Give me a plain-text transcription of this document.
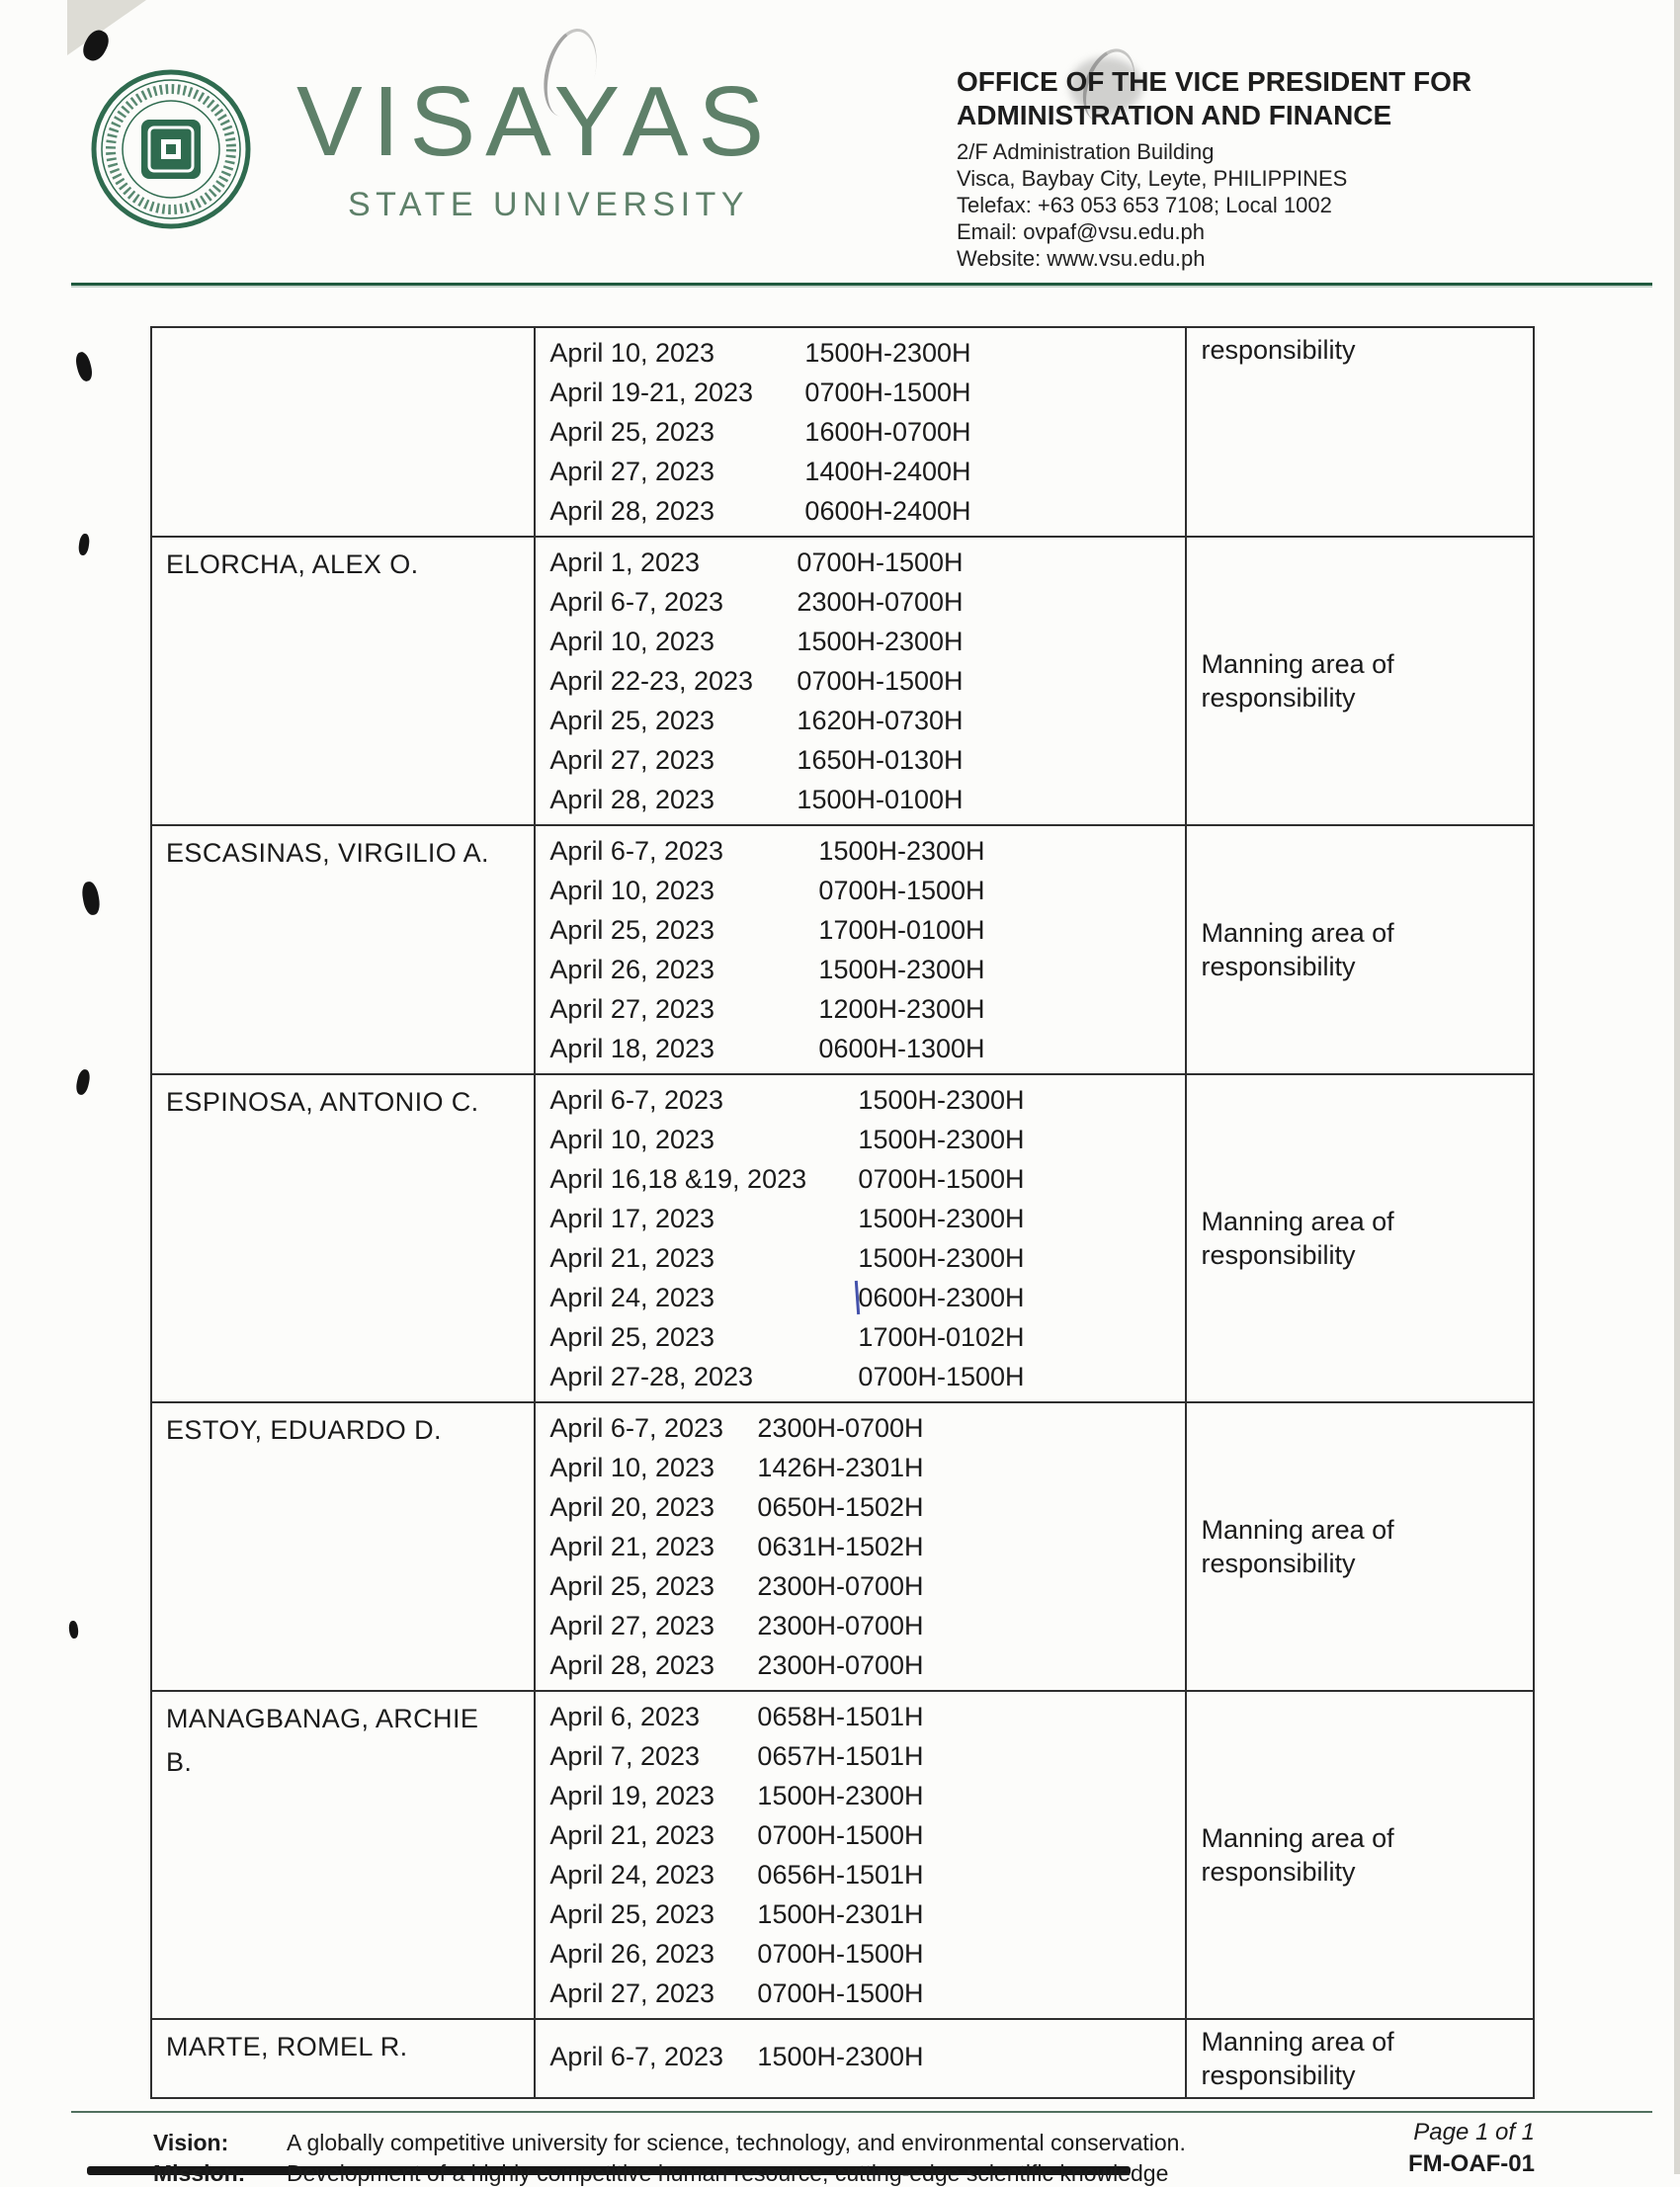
VISAYAS
STATE UNIVERSITY
OFFICE OF THE VICE PRESIDENT FOR
ADMINISTRATION AND FINANCE
2/F Administration Building
Visca, Baybay City, Leyte, PHILIPPINES
Telefax: +63 053 653 7108; Local 1002
Email: ovpaf@vsu.edu.ph
Website: www.vsu.edu.ph
April 10, 2023	1500H-2300H
April 19-21, 2023	0700H-1500H
April 25, 2023	1600H-0700H
April 27, 2023	1400H-2400H
April 28, 2023	0600H-2400H
responsibility
ELORCHA, ALEX O.	April 1, 2023	0700H-1500H
April 6-7, 2023	2300H-0700H
April 10, 2023	1500H-2300H
April 22-23, 2023	0700H-1500H
April 25, 2023	1620H-0730H
April 27, 2023	1650H-0130H
April 28, 2023	1500H-0100H
Manning area of responsibility
ESCASINAS, VIRGILIO A.	April 6-7, 2023	1500H-2300H
April 10, 2023	0700H-1500H
April 25, 2023	1700H-0100H
April 26, 2023	1500H-2300H
April 27, 2023	1200H-2300H
April 18, 2023	0600H-1300H
Manning area of responsibility
ESPINOSA, ANTONIO C.	April 6-7, 2023	1500H-2300H
April 10, 2023	1500H-2300H
April 16,18 &19, 2023	0700H-1500H
April 17, 2023	1500H-2300H
April 21, 2023	1500H-2300H
April 24, 2023	0600H-2300H
April 25, 2023	1700H-0102H
April 27-28, 2023	0700H-1500H
Manning area of responsibility
ESTOY, EDUARDO D.	April 6-7, 2023	2300H-0700H
April 10, 2023	1426H-2301H
April 20, 2023	0650H-1502H
April 21, 2023	0631H-1502H
April 25, 2023	2300H-0700H
April 27, 2023	2300H-0700H
April 28, 2023	2300H-0700H
Manning area of responsibility
MANAGBANAG, ARCHIE B.
April 6, 2023	0658H-1501H
April 7, 2023	0657H-1501H
April 19, 2023	1500H-2300H
April 21, 2023	0700H-1500H
April 24, 2023	0656H-1501H
April 25, 2023	1500H-2301H
April 26, 2023	0700H-1500H
April 27, 2023	0700H-1500H
Manning area of responsibility
MARTE, ROMEL R.	April 6-7, 2023	1500H-2300H	Manning area of responsibility
Vision:	A globally competitive university for science, technology, and environmental conservation.
Mission:	Development of a highly competitive human resource, cutting-edge scientific knowledge
Page 1 of 1
FM-OAF-01
